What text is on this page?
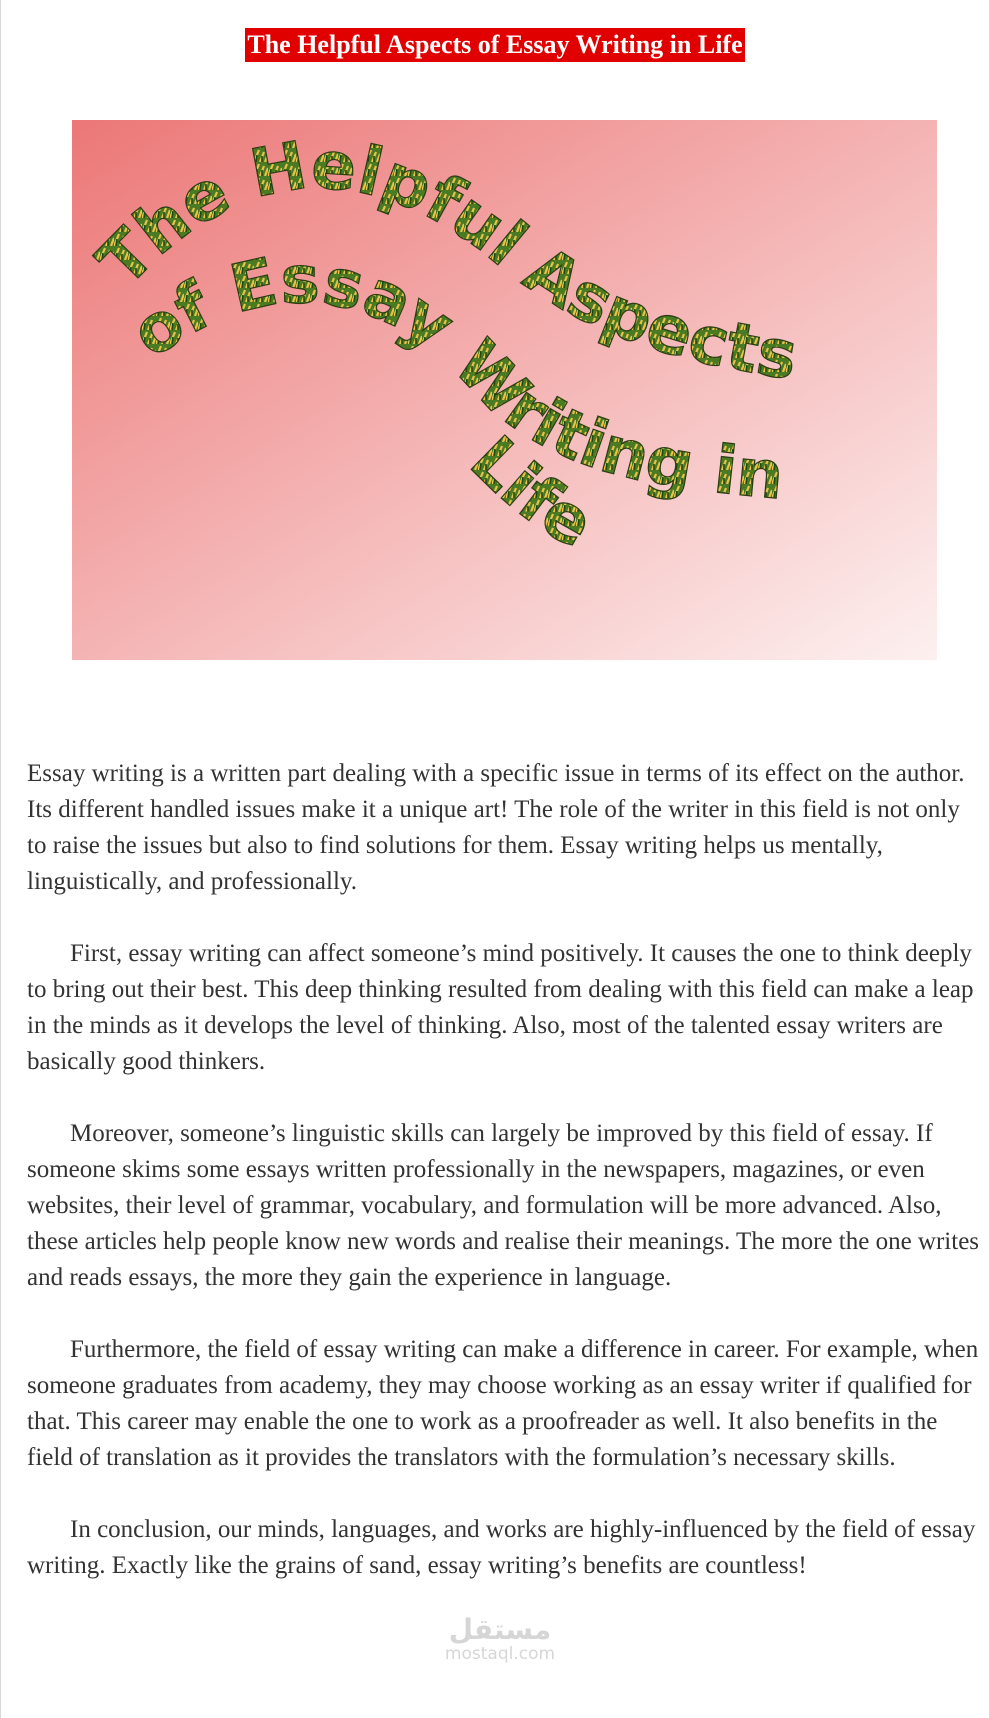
The Helpful Aspects of Essay Writing in Life
The Helpful Aspects
of Essay Writing in
Life

Essay writing is a written part dealing with a specific issue in terms of its effect on the author. Its different handled issues make it a unique art! The role of the writer in this field is not only to raise the issues but also to find solutions for them. Essay writing helps us mentally, linguistically, and professionally.

First, essay writing can affect someone’s mind positively. It causes the one to think deeply to bring out their best. This deep thinking resulted from dealing with this field can make a leap in the minds as it develops the level of thinking. Also, most of the talented essay writers are basically good thinkers.

Moreover, someone’s linguistic skills can largely be improved by this field of essay. If someone skims some essays written professionally in the newspapers, magazines, or even websites, their level of grammar, vocabulary, and formulation will be more advanced. Also, these articles help people know new words and realise their meanings. The more the one writes and reads essays, the more they gain the experience in language.

Furthermore, the field of essay writing can make a difference in career. For example, when someone graduates from academy, they may choose working as an essay writer if qualified for that. This career may enable the one to work as a proofreader as well. It also benefits in the field of translation as it provides the translators with the formulation’s necessary skills.

In conclusion, our minds, languages, and works are highly-influenced by the field of essay writing. Exactly like the grains of sand, essay writing’s benefits are countless!

مستقل
mostaql.com
